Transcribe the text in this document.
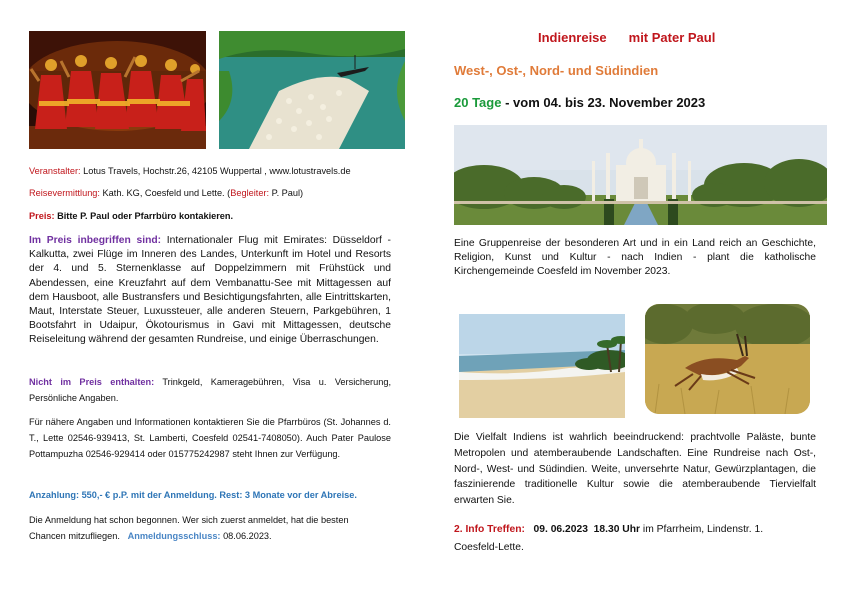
Veranstalter: Lotus Travels, Hochstr.26, 42105 Wuppertal , www.lotustravels.de
Reisevermittlung: Kath. KG, Coesfeld und Lette. (Begleiter: P. Paul)
Preis: Bitte P. Paul oder Pfarrbüro kontakieren.
Im Preis inbegriffen sind: Internationaler Flug mit Emirates: Düsseldorf - Kalkutta, zwei Flüge im Inneren des Landes, Unterkunft im Hotel und Resorts der 4. und 5. Sternenklasse auf Doppelzimmern mit Frühstück und Abendessen, eine Kreuzfahrt auf dem Vembanattu-See mit Mittagessen auf dem Hausboot, alle Bustransfers und Besichtigungsfahrten, alle Eintrittskarten, Maut, Interstate Steuer, Luxussteuer, alle anderen Steuern, Parkgebühren, 1 Bootsfahrt in Udaipur, Ökotourismus in Gavi mit Mittagessen, deutsche Reiseleitung während der gesamten Rundreise, und einige Überraschungen.
Nicht im Preis enthalten: Trinkgeld, Kameragebühren, Visa u. Versicherung, Persönliche Angaben.
Für nähere Angaben und Informationen kontaktieren Sie die Pfarrbüros (St. Johannes d. T., Lette 02546-939413, St. Lamberti, Coesfeld 02541-7408050). Auch Pater Paulose Pottampuzha 02546-929414 oder 015775242987 steht Ihnen zur Verfügung.
Anzahlung: 550,- € p.P. mit der Anmeldung. Rest: 3 Monate vor der Abreise.
Die Anmeldung hat schon begonnen. Wer sich zuerst anmeldet, hat die besten
Chancen mitzufliegen. Anmeldungsschluss: 08.06.2023.
Indienreise mit Pater Paul
West-, Ost-, Nord- und Südindien
20 Tage - vom 04. bis 23. November 2023
Eine Gruppenreise der besonderen Art und in ein Land reich an Geschichte, Religion, Kunst und Kultur - nach Indien - plant die katholische Kirchengemeinde Coesfeld im November 2023.
Die Vielfalt Indiens ist wahrlich beeindruckend: prachtvolle Paläste, bunte Metropolen und atemberaubende Landschaften. Eine Rundreise nach Ost-, Nord-, West- und Südindien. Weite, unversehrte Natur, Gewürzplantagen, die faszinierende traditionelle Kultur sowie die atemberaubende Tiervielfalt erwarten Sie.
2. Info Treffen: 09. 06.2023 18.30 Uhr im Pfarrheim, Lindenstr. 1.
Coesfeld-Lette.
